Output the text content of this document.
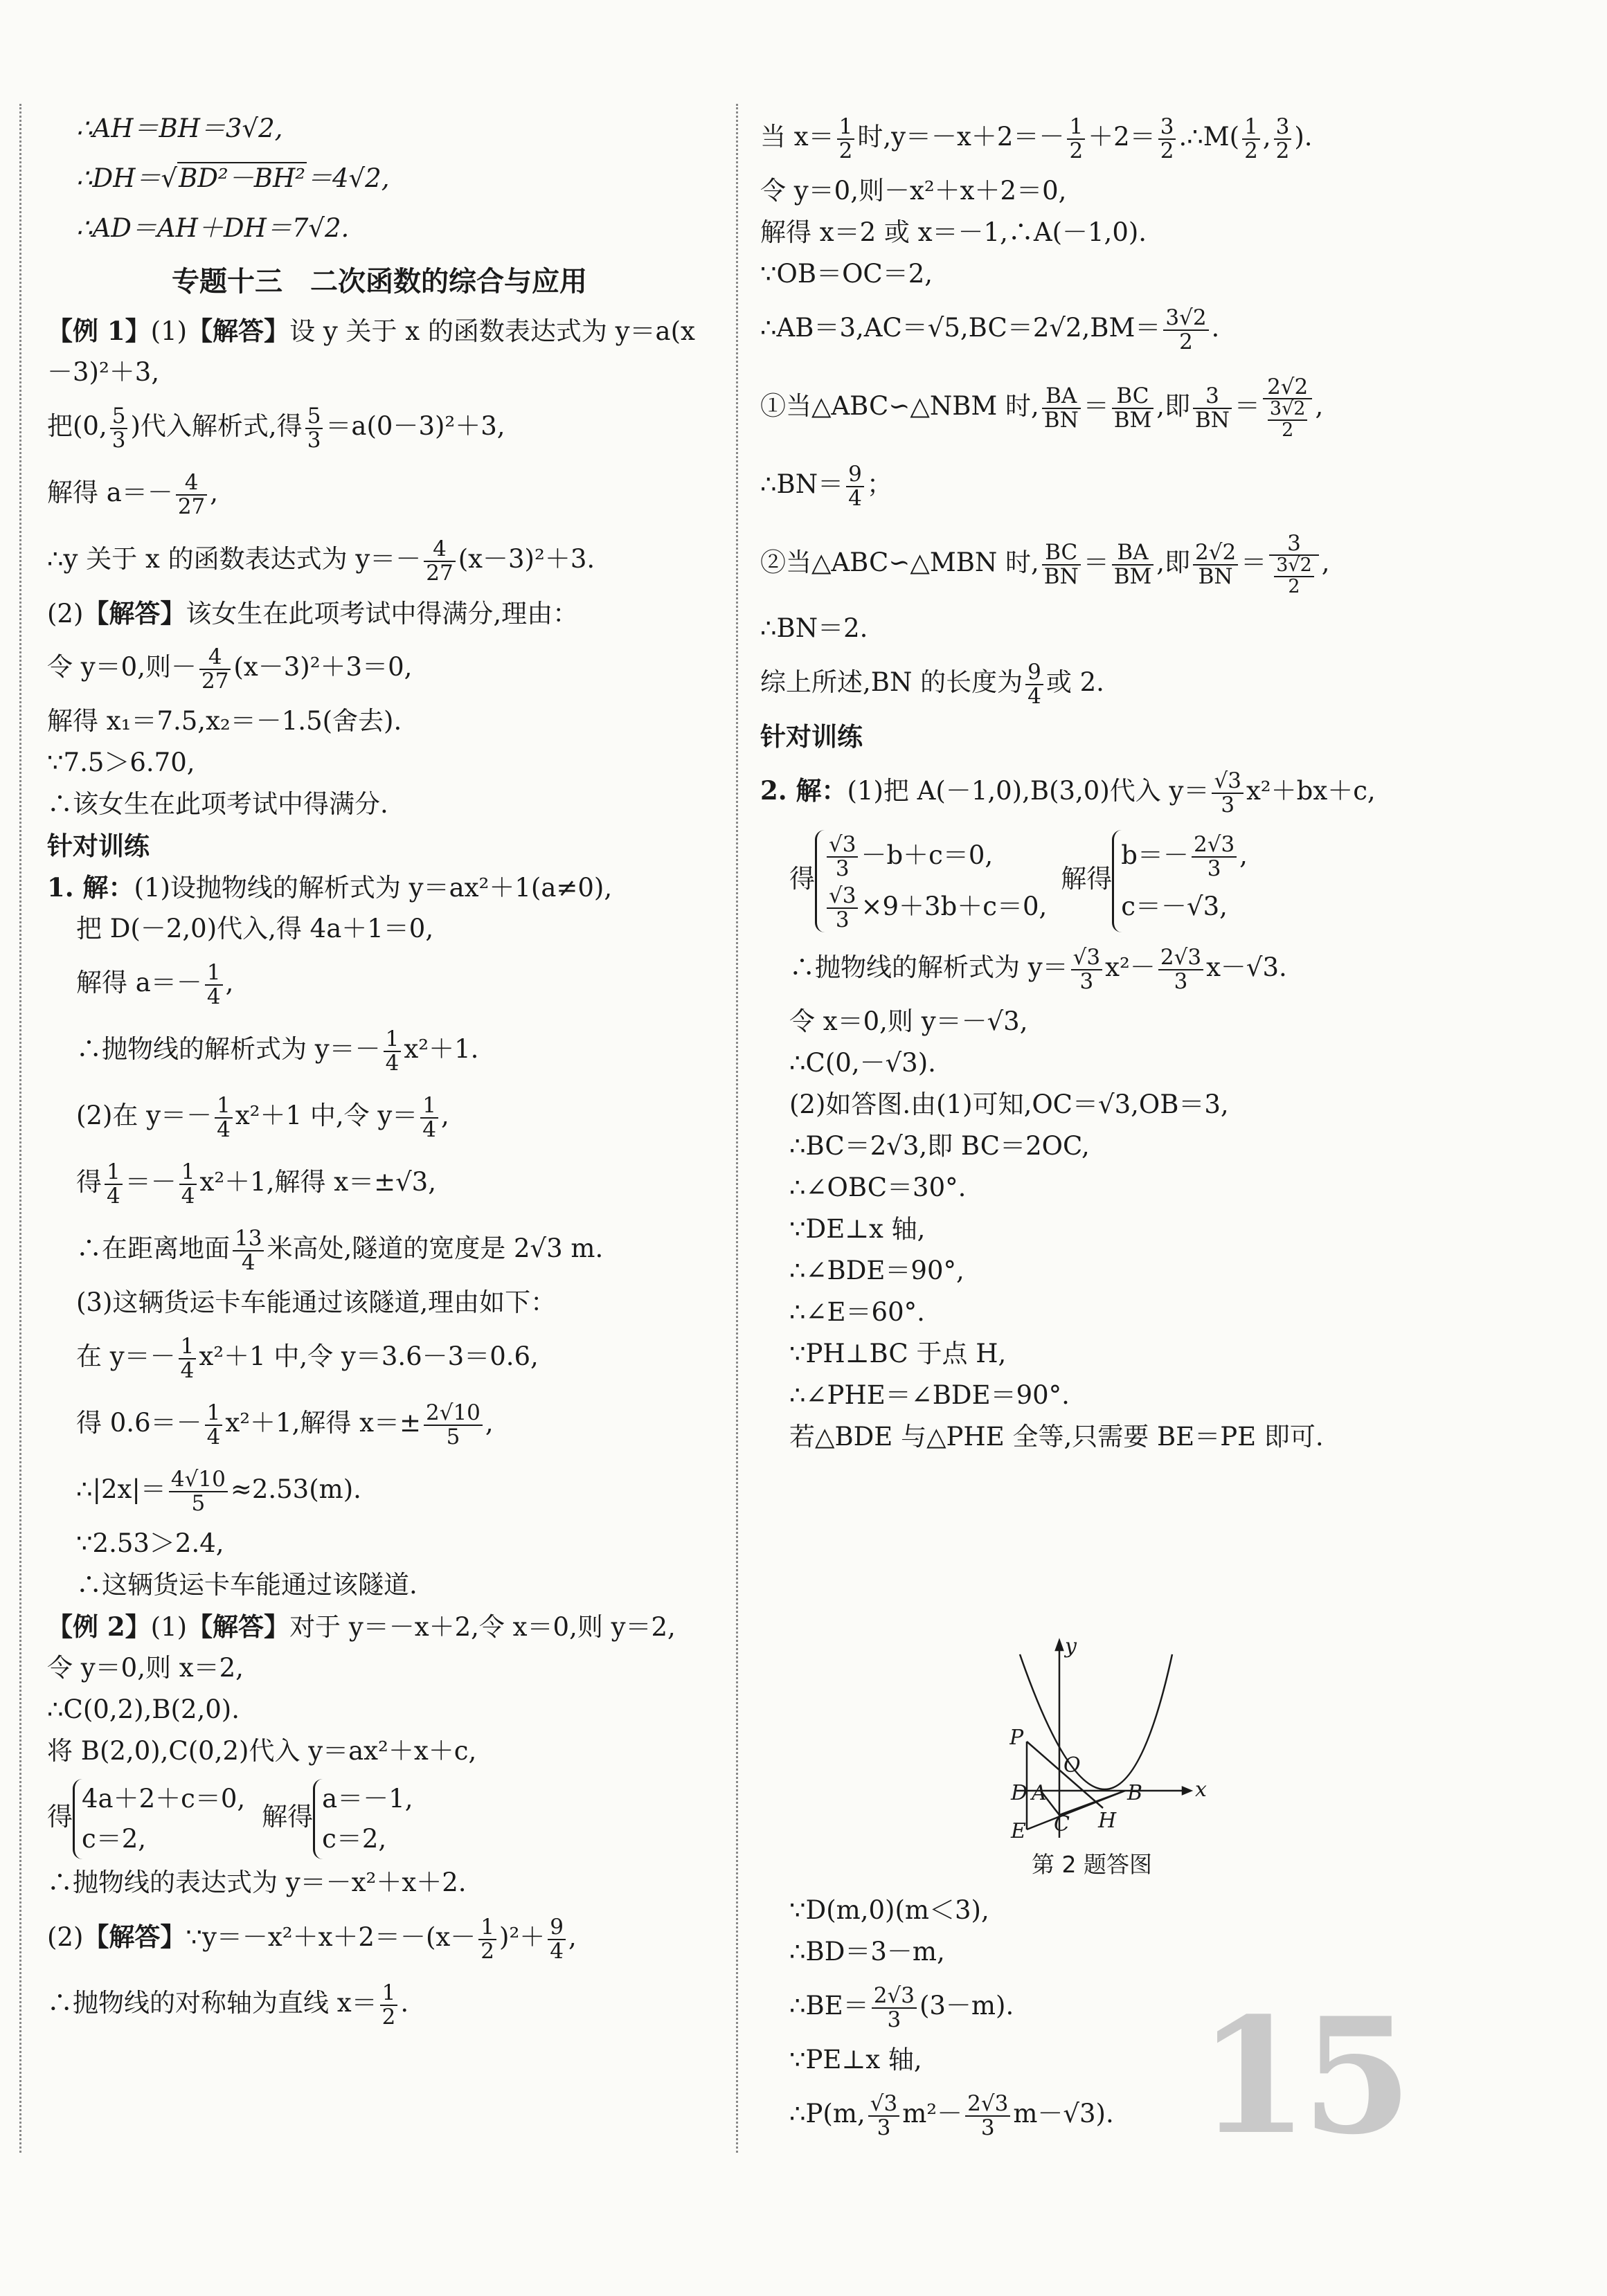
∴AH＝BH＝3√2,
∴DH＝√BD²－BH²＝4√2,
∴AD＝AH＋DH＝7√2.
专题十三　二次函数的综合与应用
【例 1】(1)【解答】设 y 关于 x 的函数表达式为 y＝a(x
－3)²＋3,
把(0, $\frac{5}{3}$ )代入解析式,得 $\frac{5}{3} =a(0-3)^2+3$,
解得 $a=- \frac{4}{27}$ ,
∴y 关于 x 的函数表达式为 $y=- \frac{4}{27} (x-3)^2+3$.
(2)【解答】该女生在此项考试中得满分,理由：
令 y＝0,则－ $\frac{4}{27} (x-3)^2+3=0$,
解得 x₁＝7.5,x₂＝－1.5(舍去).
∵7.5＞6.70,
∴该女生在此项考试中得满分.
针对训练
1. 解：(1)设抛物线的解析式为 y＝ax²＋1(a≠0),
把 D(－2,0)代入,得 4a＋1＝0,
解得 $a=- \frac{1}{4}$ ,
∴抛物线的解析式为 $y=- \frac{1}{4} x^2+1$.
(2)在 $y=- \frac{1}{4} x^2+1$ 中,令 $y= \frac{1}{4}$ ,
得 $\frac{1}{4} =- \frac{1}{4} x^2+1$,解得 x＝±√3,
∴在距离地面 $\frac{13}{4}$ 米高处,隧道的宽度是 2√3 m.
(3)这辆货运卡车能通过该隧道,理由如下：
在 $y=- \frac{1}{4} x^2+1$ 中,令 y＝3.6－3＝0.6,
得 $0.6=- \frac{1}{4} x^2+1$,解得 $x=\pm \frac{2√10}{5}$ ,
∴|2x|＝ $\frac{4√10}{5} \approx 2.53(m)$.
∵2.53＞2.4,
∴这辆货运卡车能通过该隧道.
【例 2】(1)【解答】对于 y＝－x＋2,令 x＝0,则 y＝2,
令 y＝0,则 x＝2,
∴C(0,2),B(2,0).
将 B(2,0),C(0,2)代入 y＝ax²＋x＋c,
得
4a＋2＋c＝0,
c＝2,
解得
a＝－1,
c＝2,
∴抛物线的表达式为 y＝－x²＋x＋2.
(2)【解答】∵y＝－x²＋x＋2＝－(x－ $\frac{1}{2} )^2+ \frac{9}{4}$ ,
∴抛物线的对称轴为直线 $x= \frac{1}{2}$ .
当 $x= \frac{1}{2}$ 时$,y=-x+2=- \frac{1}{2} +2= \frac{3}{2}$ .∴M( $\frac{1}{2}$ , $\frac{3}{2}$ ).
令 y＝0,则－x²＋x＋2＝0,
解得 x＝2 或 x＝－1,∴A(－1,0).
∵OB＝OC＝2,
∴AB＝3,AC＝√5,BC＝2√2,BM＝ $\frac{3√2}{2}$ .
①当△ABC∽△NBM 时, $\frac{BA}{BN} = \frac{BC}{BM}$ ,即 $\frac{3}{BN} = \frac{2√2}{\frac{3√2}{2}}$ ,
∴BN＝ $\frac{9}{4}$ ；
②当△ABC∽△MBN 时, $\frac{BC}{BN} = \frac{BA}{BM}$ ,即 $\frac{2√2}{BN} = \frac{3}{\frac{3√2}{2}}$ ,
∴BN＝2.
综上所述,BN 的长度为 $\frac{9}{4}$ 或 2.
针对训练
2. 解：(1)把 A(－1,0),B(3,0)代入 $y= \frac{√3}{3} x^2+bx+c$,
得 $\frac{√3}{3} -b+c=0$,
$\frac{√3}{3} \times 9+3b+c=0$,
解得
$b=- \frac{2√3}{3}$ ,
c＝－√3,
∴抛物线的解析式为 $y= \frac{√3}{3} x^2- \frac{2√3}{3} x-√3$.
令 x＝0,则 y＝－√3,
∴C(0,－√3).
(2)如答图.由(1)可知,OC＝√3,OB＝3,
∴BC＝2√3,即 BC＝2OC,
∴∠OBC＝30°.
∵DE⊥x 轴,
∴∠BDE＝90°,
∴∠E＝60°.
∵PH⊥BC 于点 H,
∴∠PHE＝∠BDE＝90°.
若△BDE 与△PHE 全等,只需要 BE＝PE 即可.
y
x
P
O
D A	B
C
E	H
第 2 题答图
∵D(m,0)(m＜3),
∴BD＝3－m,
∴BE＝ $\frac{2√3}{3} (3-m)$.
∵PE⊥x 轴,
∴P(m, $\frac{√3}{3} m^2- \frac{2√3}{3} m-√3$). 15
